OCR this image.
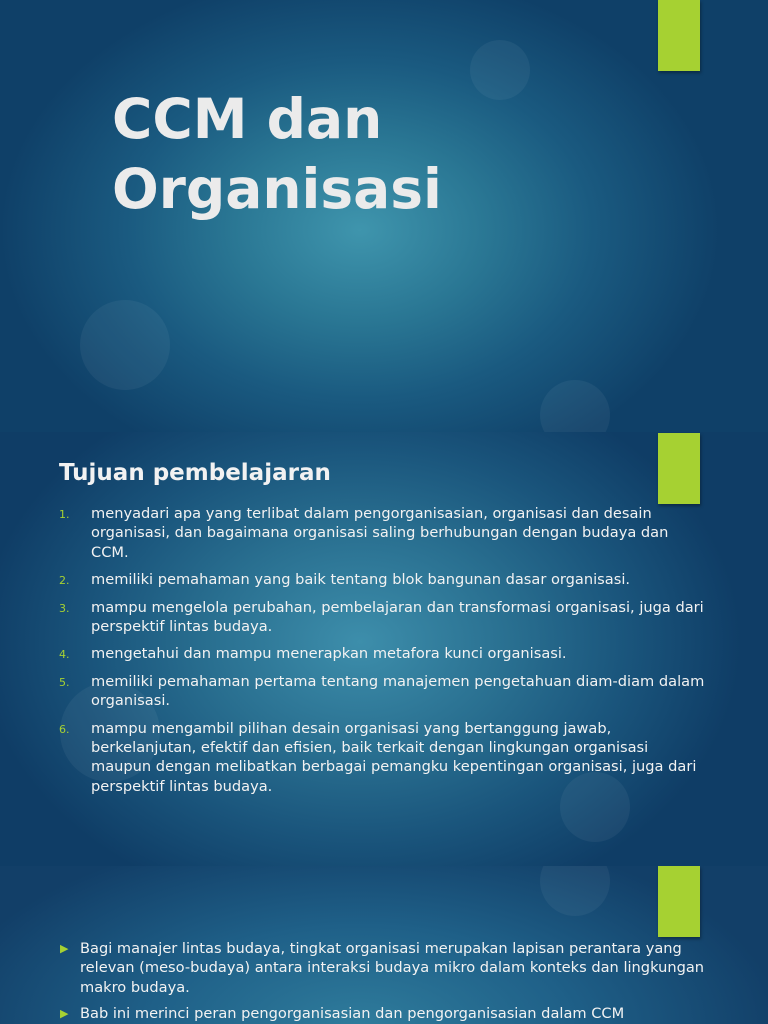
CCM dan Organisasi
Tujuan pembelajaran
1. menyadari apa yang terlibat dalam pengorganisasian, organisasi dan desain organisasi, dan bagaimana organisasi saling berhubungan dengan budaya dan CCM.
2. memiliki pemahaman yang baik tentang blok bangunan dasar organisasi.
3. mampu mengelola perubahan, pembelajaran dan transformasi organisasi, juga dari perspektif lintas budaya.
4. mengetahui dan mampu menerapkan metafora kunci organisasi.
5. memiliki pemahaman pertama tentang manajemen pengetahuan diam-diam dalam organisasi.
6. mampu mengambil pilihan desain organisasi yang bertanggung jawab, berkelanjutan, efektif dan efisien, baik terkait dengan lingkungan organisasi maupun dengan melibatkan berbagai pemangku kepentingan organisasi, juga dari perspektif lintas budaya.
▶ Bagi manajer lintas budaya, tingkat organisasi merupakan lapisan perantara yang relevan (meso-budaya) antara interaksi budaya mikro dalam konteks dan lingkungan makro budaya.
▶ Bab ini merinci peran pengorganisasian dan pengorganisasian dalam CCM
